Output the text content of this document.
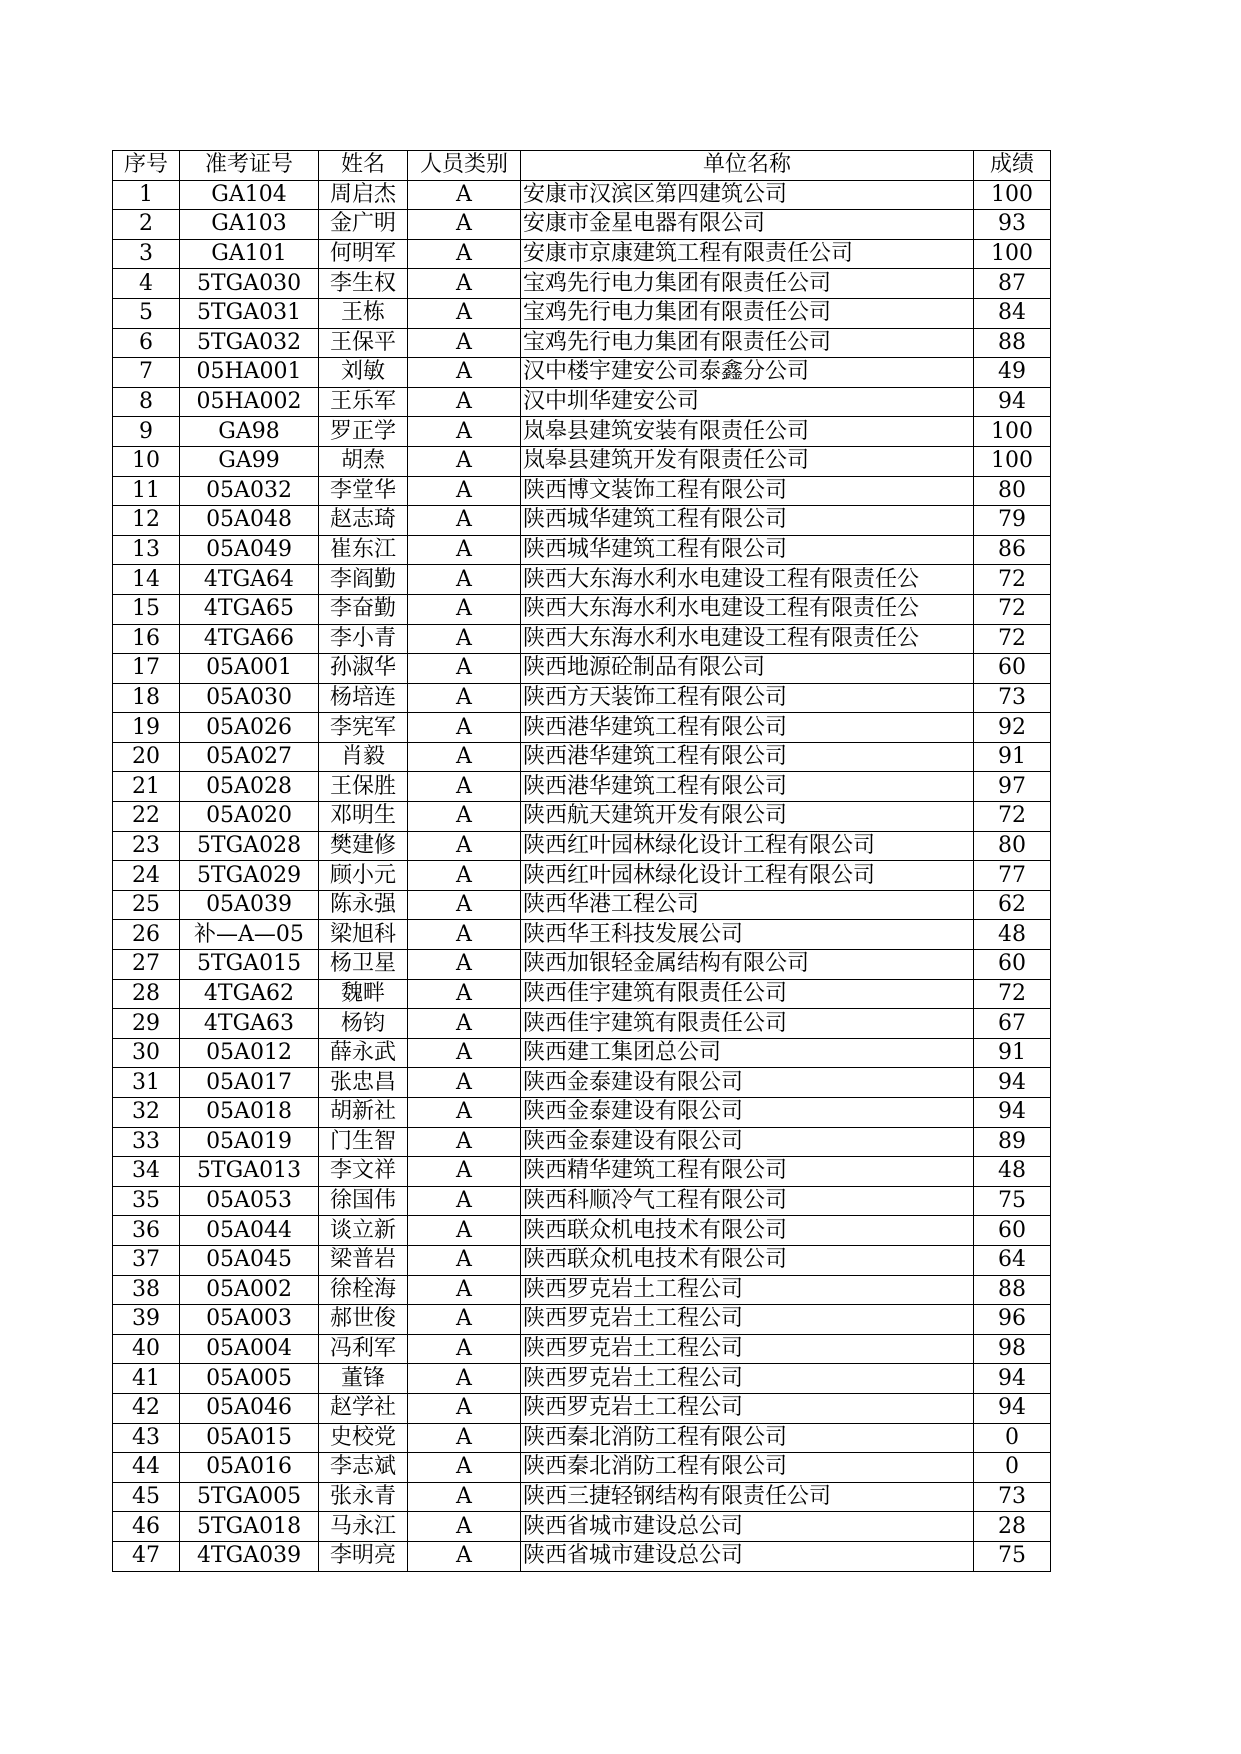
序号	准考证号	姓名	人员类别	单位名称	成绩
1	GA104	周启杰	A	安康市汉滨区第四建筑公司	100
2	GA103	金广明	A	安康市金星电器有限公司	93
3	GA101	何明军	A	安康市京康建筑工程有限责任公司	100
4	5TGA030	李生权	A	宝鸡先行电力集团有限责任公司	87
5	5TGA031	王栋	A	宝鸡先行电力集团有限责任公司	84
6	5TGA032	王保平	A	宝鸡先行电力集团有限责任公司	88
7	05HA001	刘敏	A	汉中楼宇建安公司泰鑫分公司	49
8	05HA002	王乐军	A	汉中圳华建安公司	94
9	GA98	罗正学	A	岚皋县建筑安装有限责任公司	100
10	GA99	胡焘	A	岚皋县建筑开发有限责任公司	100
11	05A032	李堂华	A	陕西博文装饰工程有限公司	80
12	05A048	赵志琦	A	陕西城华建筑工程有限公司	79
13	05A049	崔东江	A	陕西城华建筑工程有限公司	86
14	4TGA64	李阎勤	A	陕西大东海水利水电建设工程有限责任公	72
15	4TGA65	李奋勤	A	陕西大东海水利水电建设工程有限责任公	72
16	4TGA66	李小青	A	陕西大东海水利水电建设工程有限责任公	72
17	05A001	孙淑华	A	陕西地源砼制品有限公司	60
18	05A030	杨培连	A	陕西方天装饰工程有限公司	73
19	05A026	李宪军	A	陕西港华建筑工程有限公司	92
20	05A027	肖毅	A	陕西港华建筑工程有限公司	91
21	05A028	王保胜	A	陕西港华建筑工程有限公司	97
22	05A020	邓明生	A	陕西航天建筑开发有限公司	72
23	5TGA028	樊建修	A	陕西红叶园林绿化设计工程有限公司	80
24	5TGA029	顾小元	A	陕西红叶园林绿化设计工程有限公司	77
25	05A039	陈永强	A	陕西华港工程公司	62
26	补—A—05	梁旭科	A	陕西华王科技发展公司	48
27	5TGA015	杨卫星	A	陕西加银轻金属结构有限公司	60
28	4TGA62	魏畔	A	陕西佳宇建筑有限责任公司	72
29	4TGA63	杨钧	A	陕西佳宇建筑有限责任公司	67
30	05A012	薛永武	A	陕西建工集团总公司	91
31	05A017	张忠昌	A	陕西金泰建设有限公司	94
32	05A018	胡新社	A	陕西金泰建设有限公司	94
33	05A019	门生智	A	陕西金泰建设有限公司	89
34	5TGA013	李文祥	A	陕西精华建筑工程有限公司	48
35	05A053	徐国伟	A	陕西科顺冷气工程有限公司	75
36	05A044	谈立新	A	陕西联众机电技术有限公司	60
37	05A045	梁普岩	A	陕西联众机电技术有限公司	64
38	05A002	徐栓海	A	陕西罗克岩土工程公司	88
39	05A003	郝世俊	A	陕西罗克岩土工程公司	96
40	05A004	冯利军	A	陕西罗克岩土工程公司	98
41	05A005	董锋	A	陕西罗克岩土工程公司	94
42	05A046	赵学社	A	陕西罗克岩土工程公司	94
43	05A015	史校党	A	陕西秦北消防工程有限公司	0
44	05A016	李志斌	A	陕西秦北消防工程有限公司	0
45	5TGA005	张永青	A	陕西三捷轻钢结构有限责任公司	73
46	5TGA018	马永江	A	陕西省城市建设总公司	28
47	4TGA039	李明亮	A	陕西省城市建设总公司	75
